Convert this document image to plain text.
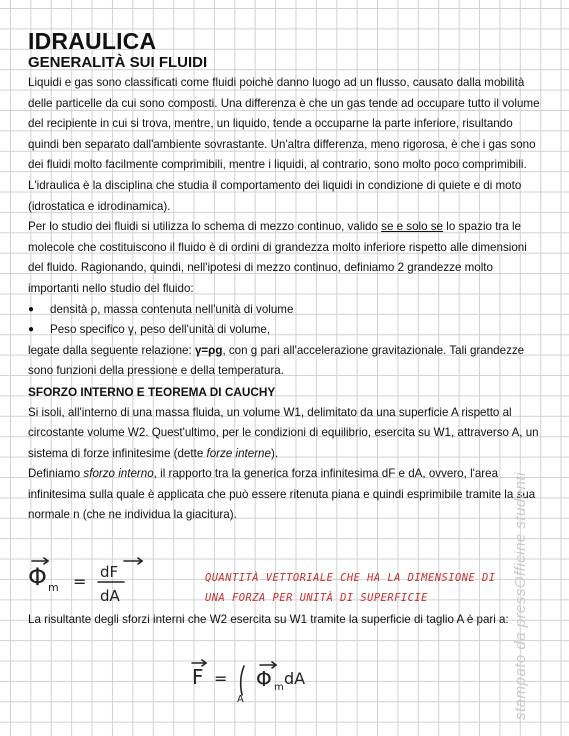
IDRAULICA
GENERALITÀ SUI FLUIDI

Liquidi e gas sono classificati come fluidi poichè danno luogo ad un flusso, causato dalla mobilità delle particelle da cui sono composti. Una differenza è che un gas tende ad occupare tutto il volume del recipiente in cui si trova, mentre, un liquido, tende a occuparne la parte inferiore, risultando quindi ben separato dall'ambiente sovrastante. Un'altra differenza, meno rigorosa, è che i gas sono dei fluidi molto facilmente comprimibili, mentre i liquidi, al contrario, sono molto poco comprimibili.

L'idraulica è la disciplina che studia il comportamento dei liquidi in condizione di quiete e di moto (idrostatica e idrodinamica).

Per lo studio dei fluidi si utilizza lo schema di mezzo continuo, valido se e solo se lo spazio tra le molecole che costituiscono il fluido è di ordini di grandezza molto inferiore rispetto alle dimensioni del fluido. Ragionando, quindi, nell'ipotesi di mezzo continuo, definiamo 2 grandezze molto importanti nello studio del fluido:

●	densità ρ, massa contenuta nell'unità di volume
●	Peso specifico γ, peso dell'unità di volume,

legate dalla seguente relazione: γ=ρg, con g pari all'accelerazione gravitazionale. Tali grandezze sono funzioni della pressione e della temperatura.

SFORZO INTERNO E TEOREMA DI CAUCHY

Si isoli, all'interno di una massa fluida, un volume W1, delimitato da una superficie A rispetto al circostante volume W2. Quest'ultimo, per le condizioni di equilibrio, esercita su W1, attraverso A, un sistema di forze infinitesime (dette forze interne).

Definiamo sforzo interno, il rapporto tra la generica forza infinitesima dF e dA, ovvero, l'area infinitesima sulla quale è applicata che può essere ritenuta piana e quindi esprimibile tramite la sua normale n (che ne individua la giacitura).

Φ m = dF
dA
QUANTITÀ VETTORIALE CHE HA LA DIMENSIONE DI
UNA FORZA PER UNITÀ DI SUPERFICIE

La risultante degli sforzi interni che W2 esercita su W1 tramite la superficie di taglio A è pari a:

F =
A
Φ m dA	stampato da pressOfficine studenti
